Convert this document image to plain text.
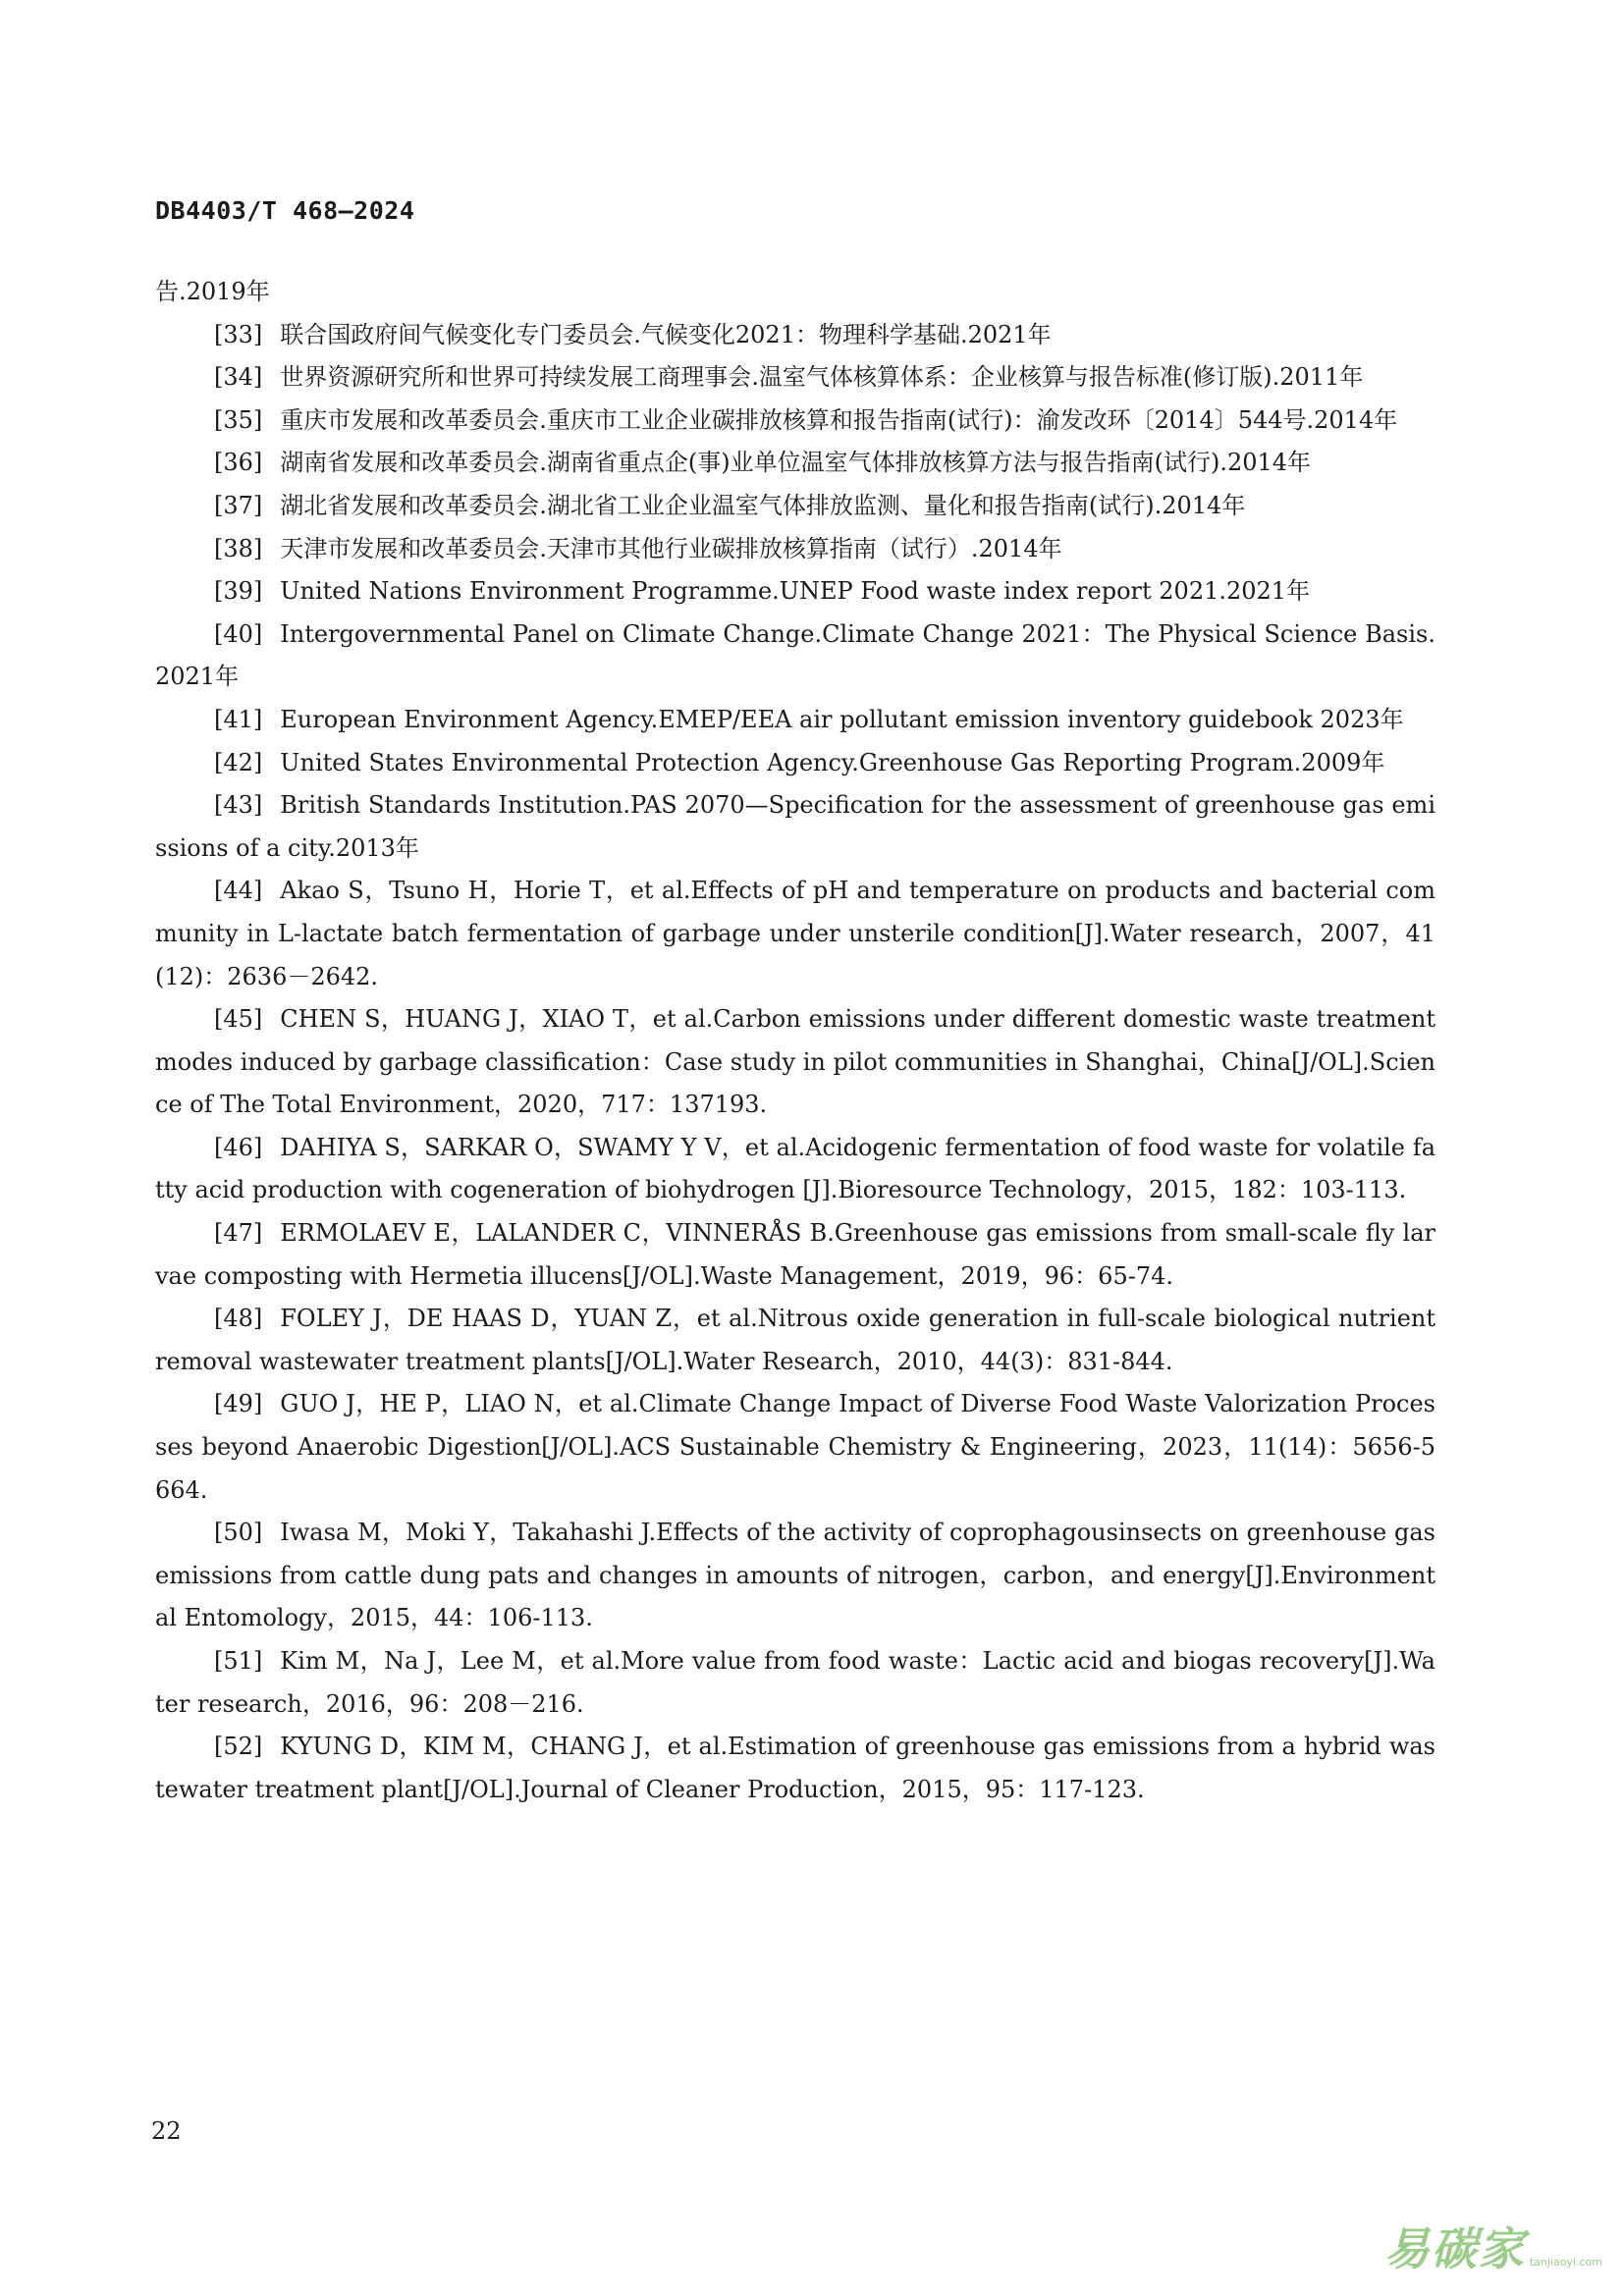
DB4403/T 468—2024

告.2019年

[33] 联合国政府间气候变化专门委员会.气候变化2021：物理科学基础.2021年

[34] 世界资源研究所和世界可持续发展工商理事会.温室气体核算体系：企业核算与报告标准(修订版).2011年

[35] 重庆市发展和改革委员会.重庆市工业企业碳排放核算和报告指南(试行)：渝发改环〔2014〕544号.2014年

[36] 湖南省发展和改革委员会.湖南省重点企(事)业单位温室气体排放核算方法与报告指南(试行).2014年

[37] 湖北省发展和改革委员会.湖北省工业企业温室气体排放监测、量化和报告指南(试行).2014年

[38] 天津市发展和改革委员会.天津市其他行业碳排放核算指南（试行）.2014年

[39] United Nations Environment Programme.UNEP Food waste index report 2021.2021年

[40] Intergovernmental Panel on Climate Change.Climate Change 2021：The Physical Science Basis.2021年

[41] European Environment Agency.EMEP/EEA air pollutant emission inventory guidebook 2023年

[42] United States Environmental Protection Agency.Greenhouse Gas Reporting Program.2009年

[43] British Standards Institution.PAS 2070—Specification for the assessment of greenhouse gas emissions of a city.2013年

[44] Akao S，Tsuno H，Horie T，et al.Effects of pH and temperature on products and bacterial community in L-lactate batch fermentation of garbage under unsterile condition[J].Water research，2007，41(12)：2636－2642.

[45] CHEN S，HUANG J，XIAO T，et al.Carbon emissions under different domestic waste treatment modes induced by garbage classification：Case study in pilot communities in Shanghai，China[J/OL].Science of The Total Environment，2020，717：137193.

[46] DAHIYA S，SARKAR O，SWAMY Y V，et al.Acidogenic fermentation of food waste for volatile fatty acid production with cogeneration of biohydrogen [J].Bioresource Technology，2015，182：103-113.

[47] ERMOLAEV E，LALANDER C，VINNERÅS B.Greenhouse gas emissions from small-scale fly larvae composting with Hermetia illucens[J/OL].Waste Management，2019，96：65-74.

[48] FOLEY J，DE HAAS D，YUAN Z，et al.Nitrous oxide generation in full-scale biological nutrient removal wastewater treatment plants[J/OL].Water Research，2010，44(3)：831-844.

[49] GUO J，HE P，LIAO N，et al.Climate Change Impact of Diverse Food Waste Valorization Processes beyond Anaerobic Digestion[J/OL].ACS Sustainable Chemistry & Engineering，2023，11(14)：5656-5664.

[50] Iwasa M，Moki Y，Takahashi J.Effects of the activity of coprophagousinsects on greenhouse gas emissions from cattle dung pats and changes in amounts of nitrogen，carbon，and energy[J].Environmental Entomology，2015，44：106-113.

[51] Kim M，Na J，Lee M，et al.More value from food waste：Lactic acid and biogas recovery[J].Water research，2016，96：208－216.

[52] KYUNG D，KIM M，CHANG J，et al.Estimation of greenhouse gas emissions from a hybrid wastewater treatment plant[J/OL].Journal of Cleaner Production，2015，95：117-123.

22
易碳家 tanjiaoyi.com
